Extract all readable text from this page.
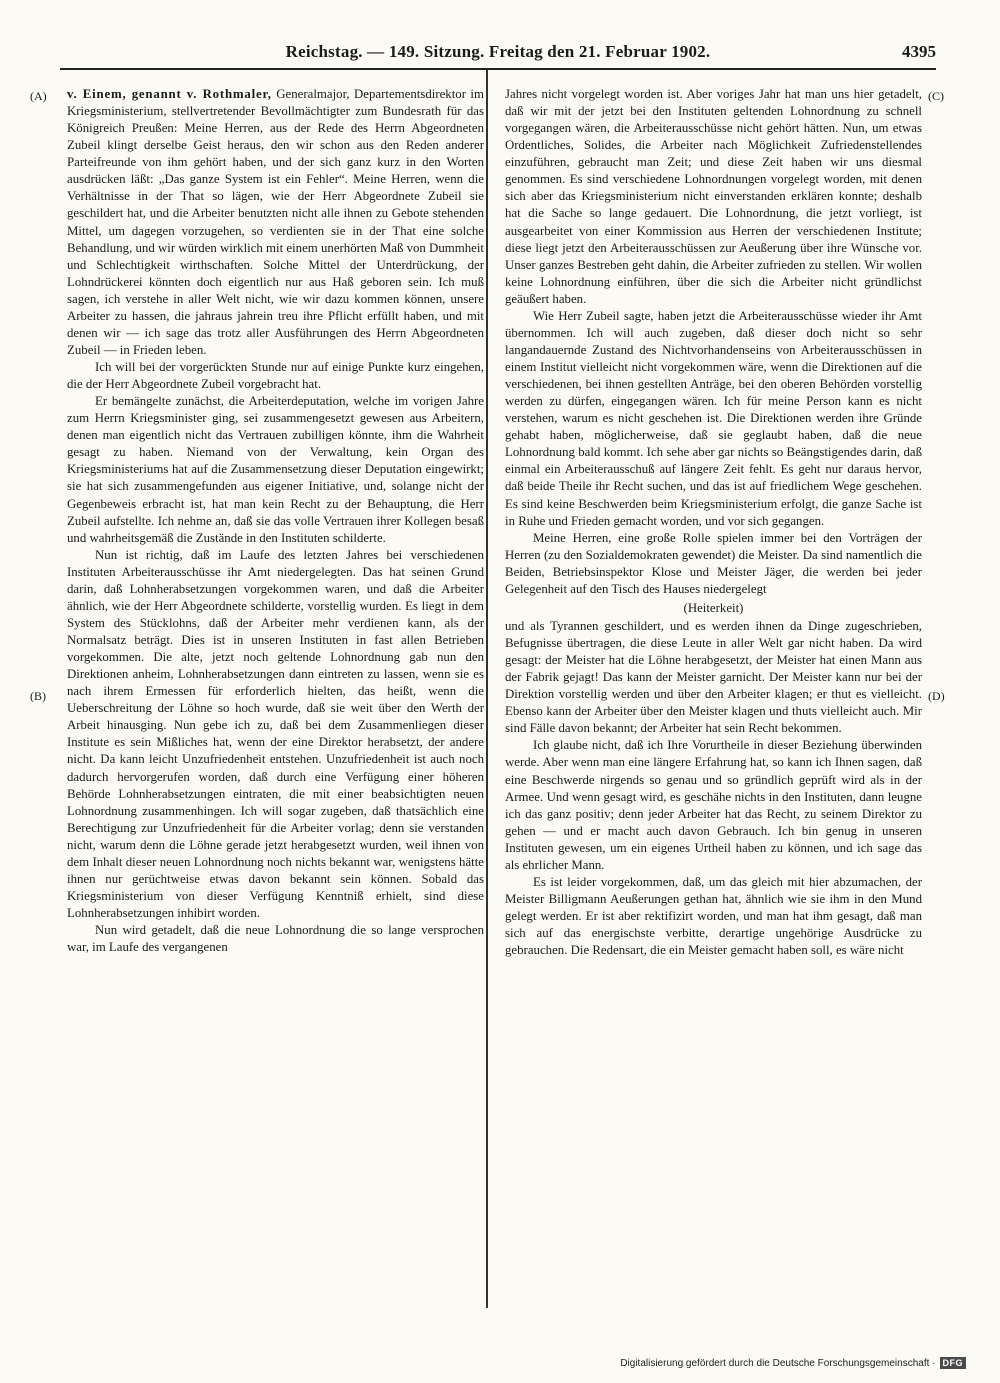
Reichstag. — 149. Sitzung. Freitag den 21. Februar 1902.	4395
(A)
(B)
(C)
(D)

v. Einem, genannt v. Rothmaler, Generalmajor, Departementsdirektor im Kriegsministerium, stellvertretender Bevollmächtigter zum Bundesrath für das Königreich Preußen: Meine Herren, aus der Rede des Herrn Abgeordneten Zubeil klingt derselbe Geist heraus, den wir schon aus den Reden anderer Parteifreunde von ihm gehört haben, und der sich ganz kurz in den Worten ausdrücken läßt: „Das ganze System ist ein Fehler“. Meine Herren, wenn die Verhältnisse in der That so lägen, wie der Herr Abgeordnete Zubeil sie geschildert hat, und die Arbeiter benutzten nicht alle ihnen zu Gebote stehenden Mittel, um dagegen vorzugehen, so verdienten sie in der That eine solche Behandlung, und wir würden wirklich mit einem unerhörten Maß von Dummheit und Schlechtigkeit wirthschaften. Solche Mittel der Unterdrückung, der Lohndrückerei könnten doch eigentlich nur aus Haß geboren sein. Ich muß sagen, ich verstehe in aller Welt nicht, wie wir dazu kommen können, unsere Arbeiter zu hassen, die jahraus jahrein treu ihre Pflicht erfüllt haben, und mit denen wir — ich sage das trotz aller Ausführungen des Herrn Abgeordneten Zubeil — in Frieden leben.

Ich will bei der vorgerückten Stunde nur auf einige Punkte kurz eingehen, die der Herr Abgeordnete Zubeil vorgebracht hat.

Er bemängelte zunächst, die Arbeiterdeputation, welche im vorigen Jahre zum Herrn Kriegsminister ging, sei zusammengesetzt gewesen aus Arbeitern, denen man eigentlich nicht das Vertrauen zubilligen könnte, ihm die Wahrheit gesagt zu haben. Niemand von der Verwaltung, kein Organ des Kriegsministeriums hat auf die Zusammensetzung dieser Deputation eingewirkt; sie hat sich zusammengefunden aus eigener Initiative, und, solange nicht der Gegenbeweis erbracht ist, hat man kein Recht zu der Behauptung, die Herr Zubeil aufstellte. Ich nehme an, daß sie das volle Vertrauen ihrer Kollegen besaß und wahrheitsgemäß die Zustände in den Instituten schilderte.

Nun ist richtig, daß im Laufe des letzten Jahres bei verschiedenen Instituten Arbeiterausschüsse ihr Amt niedergelegten. Das hat seinen Grund darin, daß Lohnherabsetzungen vorgekommen waren, und daß die Arbeiter ähnlich, wie der Herr Abgeordnete schilderte, vorstellig wurden. Es liegt in dem System des Stücklohns, daß der Arbeiter mehr verdienen kann, als der Normalsatz beträgt. Dies ist in unseren Instituten in fast allen Betrieben vorgekommen. Die alte, jetzt noch geltende Lohnordnung gab nun den Direktionen anheim, Lohnherabsetzungen dann eintreten zu lassen, wenn sie es nach ihrem Ermessen für erforderlich hielten, das heißt, wenn die Ueberschreitung der Löhne so hoch wurde, daß sie weit über den Werth der Arbeit hinausging. Nun gebe ich zu, daß bei dem Zusammenliegen dieser Institute es sein Mißliches hat, wenn der eine Direktor herabsetzt, der andere nicht. Da kann leicht Unzufriedenheit entstehen. Unzufriedenheit ist auch noch dadurch hervorgerufen worden, daß durch eine Verfügung einer höheren Behörde Lohnherabsetzungen eintraten, die mit einer beabsichtigten neuen Lohnordnung zusammenhingen. Ich will sogar zugeben, daß thatsächlich eine Berechtigung zur Unzufriedenheit für die Arbeiter vorlag; denn sie verstanden nicht, warum denn die Löhne gerade jetzt herabgesetzt wurden, weil ihnen von dem Inhalt dieser neuen Lohnordnung noch nichts bekannt war, wenigstens hätte ihnen nur gerüchtweise etwas davon bekannt sein können. Sobald das Kriegsministerium von dieser Verfügung Kenntniß erhielt, sind diese Lohnherabsetzungen inhibirt worden.

Nun wird getadelt, daß die neue Lohnordnung die so lange versprochen war, im Laufe des vergangenen

Jahres nicht vorgelegt worden ist. Aber voriges Jahr hat man uns hier getadelt, daß wir mit der jetzt bei den Instituten geltenden Lohnordnung zu schnell vorgegangen wären, die Arbeiterausschüsse nicht gehört hätten. Nun, um etwas Ordentliches, Solides, die Arbeiter nach Möglichkeit Zufriedenstellendes einzuführen, gebraucht man Zeit; und diese Zeit haben wir uns diesmal genommen. Es sind verschiedene Lohnordnungen vorgelegt worden, mit denen sich aber das Kriegsministerium nicht einverstanden erklären konnte; deshalb hat die Sache so lange gedauert. Die Lohnordnung, die jetzt vorliegt, ist ausgearbeitet von einer Kommission aus Herren der verschiedenen Institute; diese liegt jetzt den Arbeiterausschüssen zur Aeußerung über ihre Wünsche vor. Unser ganzes Bestreben geht dahin, die Arbeiter zufrieden zu stellen. Wir wollen keine Lohnordnung einführen, über die sich die Arbeiter nicht gründlichst geäußert haben.

Wie Herr Zubeil sagte, haben jetzt die Arbeiterausschüsse wieder ihr Amt übernommen. Ich will auch zugeben, daß dieser doch nicht so sehr langandauernde Zustand des Nichtvorhandenseins von Arbeiterausschüssen in einem Institut vielleicht nicht vorgekommen wäre, wenn die Direktionen auf die verschiedenen, bei ihnen gestellten Anträge, bei den oberen Behörden vorstellig werden zu dürfen, eingegangen wären. Ich für meine Person kann es nicht verstehen, warum es nicht geschehen ist. Die Direktionen werden ihre Gründe gehabt haben, möglicherweise, daß sie geglaubt haben, daß die neue Lohnordnung bald kommt. Ich sehe aber gar nichts so Beängstigendes darin, daß einmal ein Arbeiterausschuß auf längere Zeit fehlt. Es geht nur daraus hervor, daß beide Theile ihr Recht suchen, und das ist auf friedlichem Wege geschehen. Es sind keine Beschwerden beim Kriegsministerium erfolgt, die ganze Sache ist in Ruhe und Frieden gemacht worden, und vor sich gegangen.

Meine Herren, eine große Rolle spielen immer bei den Vorträgen der Herren (zu den Sozialdemokraten gewendet) die Meister. Da sind namentlich die Beiden, Betriebsinspektor Klose und Meister Jäger, die werden bei jeder Gelegenheit auf den Tisch des Hauses niedergelegt

(Heiterkeit)

und als Tyrannen geschildert, und es werden ihnen da Dinge zugeschrieben, Befugnisse übertragen, die diese Leute in aller Welt gar nicht haben. Da wird gesagt: der Meister hat die Löhne herabgesetzt, der Meister hat einen Mann aus der Fabrik gejagt! Das kann der Meister garnicht. Der Meister kann nur bei der Direktion vorstellig werden und über den Arbeiter klagen; er thut es vielleicht. Ebenso kann der Arbeiter über den Meister klagen und thuts vielleicht auch. Mir sind Fälle davon bekannt; der Arbeiter hat sein Recht bekommen.

Ich glaube nicht, daß ich Ihre Vorurtheile in dieser Beziehung überwinden werde. Aber wenn man eine längere Erfahrung hat, so kann ich Ihnen sagen, daß eine Beschwerde nirgends so genau und so gründlich geprüft wird als in der Armee. Und wenn gesagt wird, es geschähe nichts in den Instituten, dann leugne ich das ganz positiv; denn jeder Arbeiter hat das Recht, zu seinem Direktor zu gehen — und er macht auch davon Gebrauch. Ich bin genug in unseren Instituten gewesen, um ein eigenes Urtheil haben zu können, und ich sage das als ehrlicher Mann.

Es ist leider vorgekommen, daß, um das gleich mit hier abzumachen, der Meister Billigmann Aeußerungen gethan hat, ähnlich wie sie ihm in den Mund gelegt werden. Er ist aber rektifizirt worden, und man hat ihm gesagt, daß man sich auf das energischste verbitte, derartige ungehörige Ausdrücke zu gebrauchen. Die Redensart, die ein Meister gemacht haben soll, es wäre nicht

Digitalisierung gefördert durch die Deutsche Forschungsgemeinschaft · DFG
